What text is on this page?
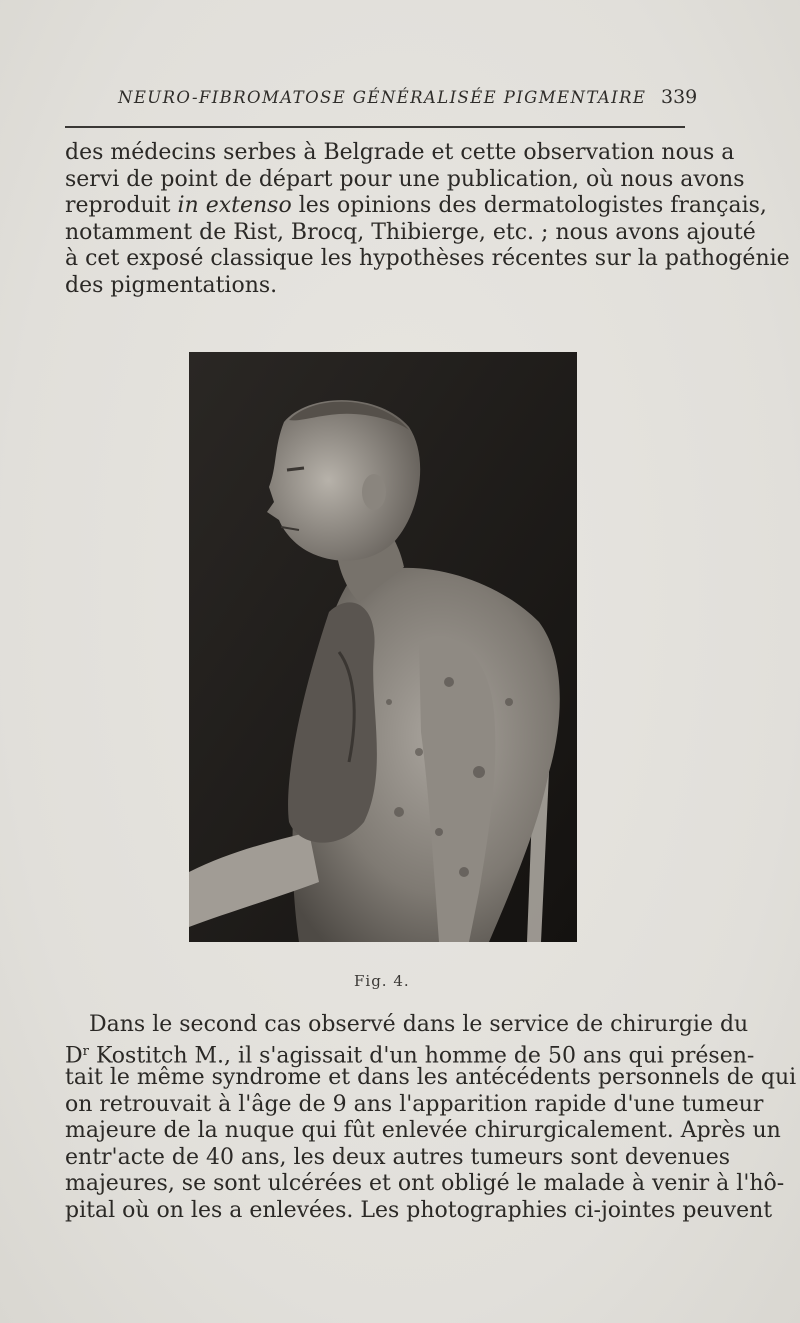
NEURO-FIBROMATOSE GÉNÉRALISÉE PIGMENTAIRE 339
des médecins serbes à Belgrade et cette observation nous a
servi de point de départ pour une publication, où nous avons
reproduit in extenso les opinions des dermatologistes français,
notamment de Rist, Brocq, Thibierge, etc. ; nous avons ajouté
à cet exposé classique les hypothèses récentes sur la pathogénie
des pigmentations.
Fig. 4.
Dans le second cas observé dans le service de chirurgie du
$D^r$ Kostitch M., il s'agissait d'un homme de 50 ans qui présen-
tait le même syndrome et dans les antécédents personnels de qui
on retrouvait à l'âge de 9 ans l'apparition rapide d'une tumeur
majeure de la nuque qui fût enlevée chirurgicalement. Après un
entr'acte de 40 ans, les deux autres tumeurs sont devenues
majeures, se sont ulcérées et ont obligé le malade à venir à l'hô-
pital où on les a enlevées. Les photographies ci-jointes peuvent
